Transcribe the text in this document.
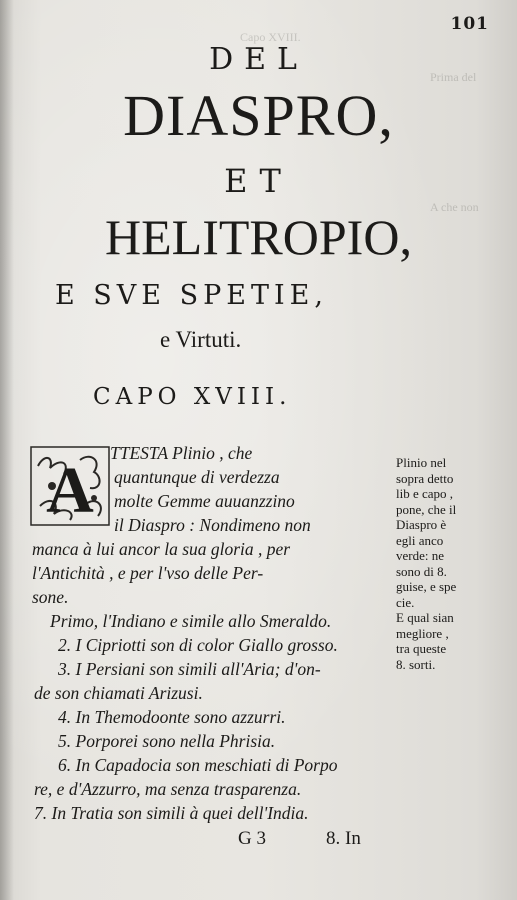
Capo XVIII.
Prima del
A che non
101
DEL
DIASPRO,
ET
HELITROPIO,
E SVE SPETIE,
e Virtuti.
CAPO XVIII.
A
TTESTA Plinio , che
quantunque di verdezza
molte Gemme auuanzzino
il Diaspro : Nondimeno non
manca à lui ancor la sua gloria , per
l'Antichità , e per l'vso delle Per-
sone.
Primo, l'Indiano e simile allo Smeraldo.
2. I Cipriotti son di color Giallo grosso.
3. I Persiani son simili all'Aria; d'on-
de son chiamati Arizusi.
4. In Themodoonte sono azzurri.
5. Porporei sono nella Phrisia.
6. In Capadocia son meschiati di Porpo
re, e d'Azzurro, ma senza trasparenza.
7. In Tratia son simili à quei dell'India.
Plinio nel
sopra detto
lib e capo ,
pone, che il
Diaspro è
egli anco
verde: ne
sono di 8.
guise, e spe
cie.
E qual sian
megliore ,
tra queste
8. sorti.
G 3	8. In
